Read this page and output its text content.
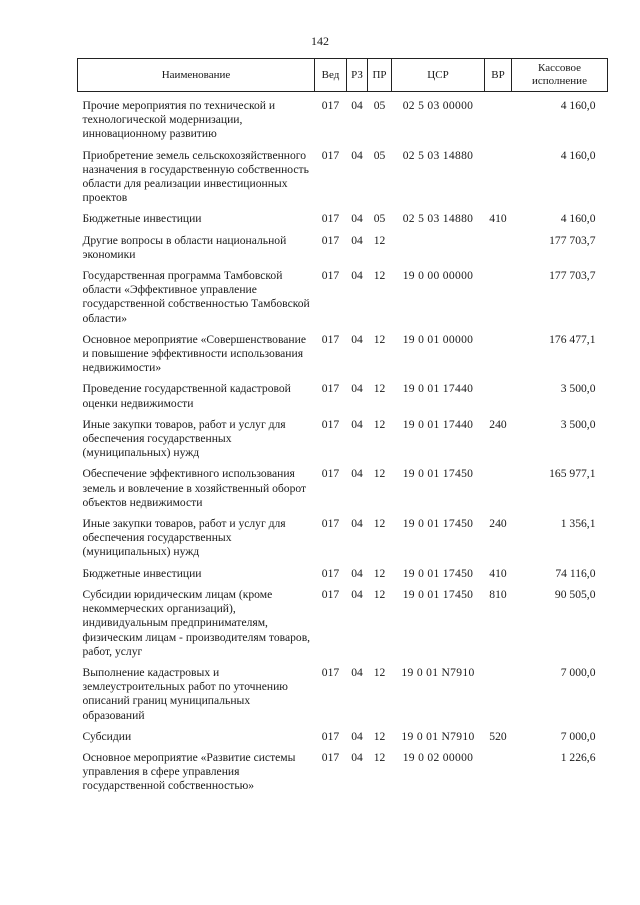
142
Наименование	Вед	РЗ	ПР	ЦСР	ВР	Кассовое исполнение
Прочие мероприятия по технической и технологической модернизации, инновационному развитию	017	04	05	02 5 03 00000		4 160,0
Приобретение земель сельскохозяйственного назначения в государственную собственность области для реализации инвестиционных проектов	017	04	05	02 5 03 14880		4 160,0
Бюджетные инвестиции	017	04	05	02 5 03 14880	410	4 160,0
Другие вопросы в области национальной экономики	017	04	12			177 703,7
Государственная программа Тамбовской области «Эффективное управление государственной собственностью Тамбовской области»	017	04	12	19 0 00 00000		177 703,7
Основное мероприятие «Совершенствование и повышение эффективности использования недвижимости»	017	04	12	19 0 01 00000		176 477,1
Проведение государственной кадастровой оценки недвижимости	017	04	12	19 0 01 17440		3 500,0
Иные закупки товаров, работ и услуг для обеспечения государственных (муниципальных) нужд	017	04	12	19 0 01 17440	240	3 500,0
Обеспечение эффективного использования земель и вовлечение в хозяйственный оборот объектов недвижимости	017	04	12	19 0 01 17450		165 977,1
Иные закупки товаров, работ и услуг для обеспечения государственных (муниципальных) нужд	017	04	12	19 0 01 17450	240	1 356,1
Бюджетные инвестиции	017	04	12	19 0 01 17450	410	74 116,0
Субсидии юридическим лицам (кроме некоммерческих организаций), индивидуальным предпринимателям, физическим лицам - производителям товаров, работ, услуг	017	04	12	19 0 01 17450	810	90 505,0
Выполнение кадастровых и землеустроительных работ по уточнению описаний границ муниципальных образований	017	04	12	19 0 01 N7910		7 000,0
Субсидии	017	04	12	19 0 01 N7910	520	7 000,0
Основное мероприятие «Развитие системы управления в сфере управления государственной собственностью»	017	04	12	19 0 02 00000		1 226,6
